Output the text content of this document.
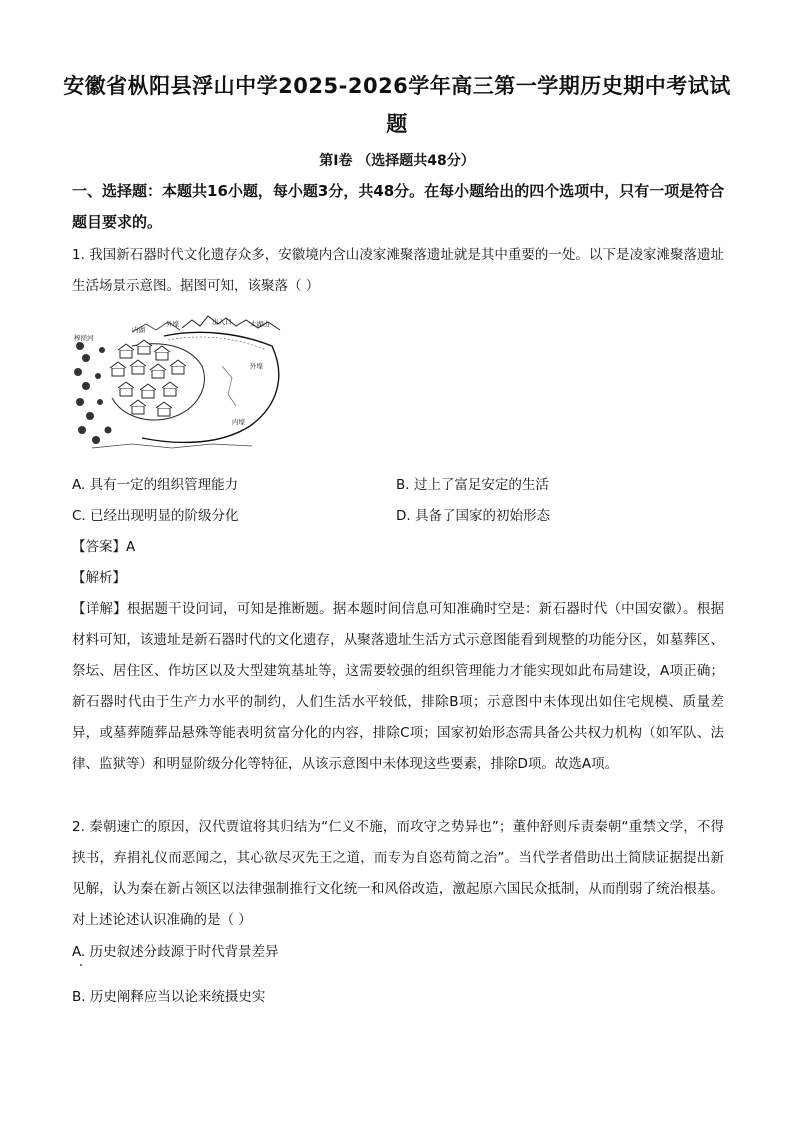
安徽省枞阳县浮山中学2025-2026学年高三第一学期历史期中考试试
题
第Ⅰ卷 （选择题共48分）
一、选择题：本题共16小题，每小题3分，共48分。在每小题给出的四个选项中，只有一项是符合题目要求的。
1. 我国新石器时代文化遗存众多，安徽境内含山凌家滩聚落遗址就是其中重要的一处。以下是凌家滩聚落遗址生活场景示意图。据图可知，该聚落（ ）
内湖
外壕	出入口	太湖山
外壕
内壕
榨搓河
A. 具有一定的组织管理能力	B. 过上了富足安定的生活
C. 已经出现明显的阶级分化	D. 具备了国家的初始形态
【答案】A
【解析】
【详解】根据题干设问词，可知是推断题。据本题时间信息可知准确时空是：新石器时代（中国安徽）。根据材料可知，该遗址是新石器时代的文化遗存，从聚落遗址生活方式示意图能看到规整的功能分区，如墓葬区、祭坛、居住区、作坊区以及大型建筑基址等，这需要较强的组织管理能力才能实现如此布局建设，A项正确；新石器时代由于生产力水平的制约，人们生活水平较低，排除B项；示意图中未体现出如住宅规模、质量差异，或墓葬随葬品悬殊等能表明贫富分化的内容，排除C项；国家初始形态需具备公共权力机构（如军队、法律、监狱等）和明显阶级分化等特征，从该示意图中未体现这些要素，排除D项。故选A项。
2. 秦朝速亡的原因，汉代贾谊将其归结为“仁义不施，而攻守之势异也”；董仲舒则斥责秦朝“重禁文学，不得挟书，弃捐礼仪而恶闻之，其心欲尽灭先王之道，而专为自恣苟简之治”。当代学者借助出土简牍证据提出新见解，认为秦在新占领区以法律强制推行文化统一和风俗改造，激起原六国民众抵制，从而削弱了统治根基。对上述论述认识准确的是（ ）
A. 历史叙述分歧源于时代背景差异
B. 历史阐释应当以论来统摄史实
